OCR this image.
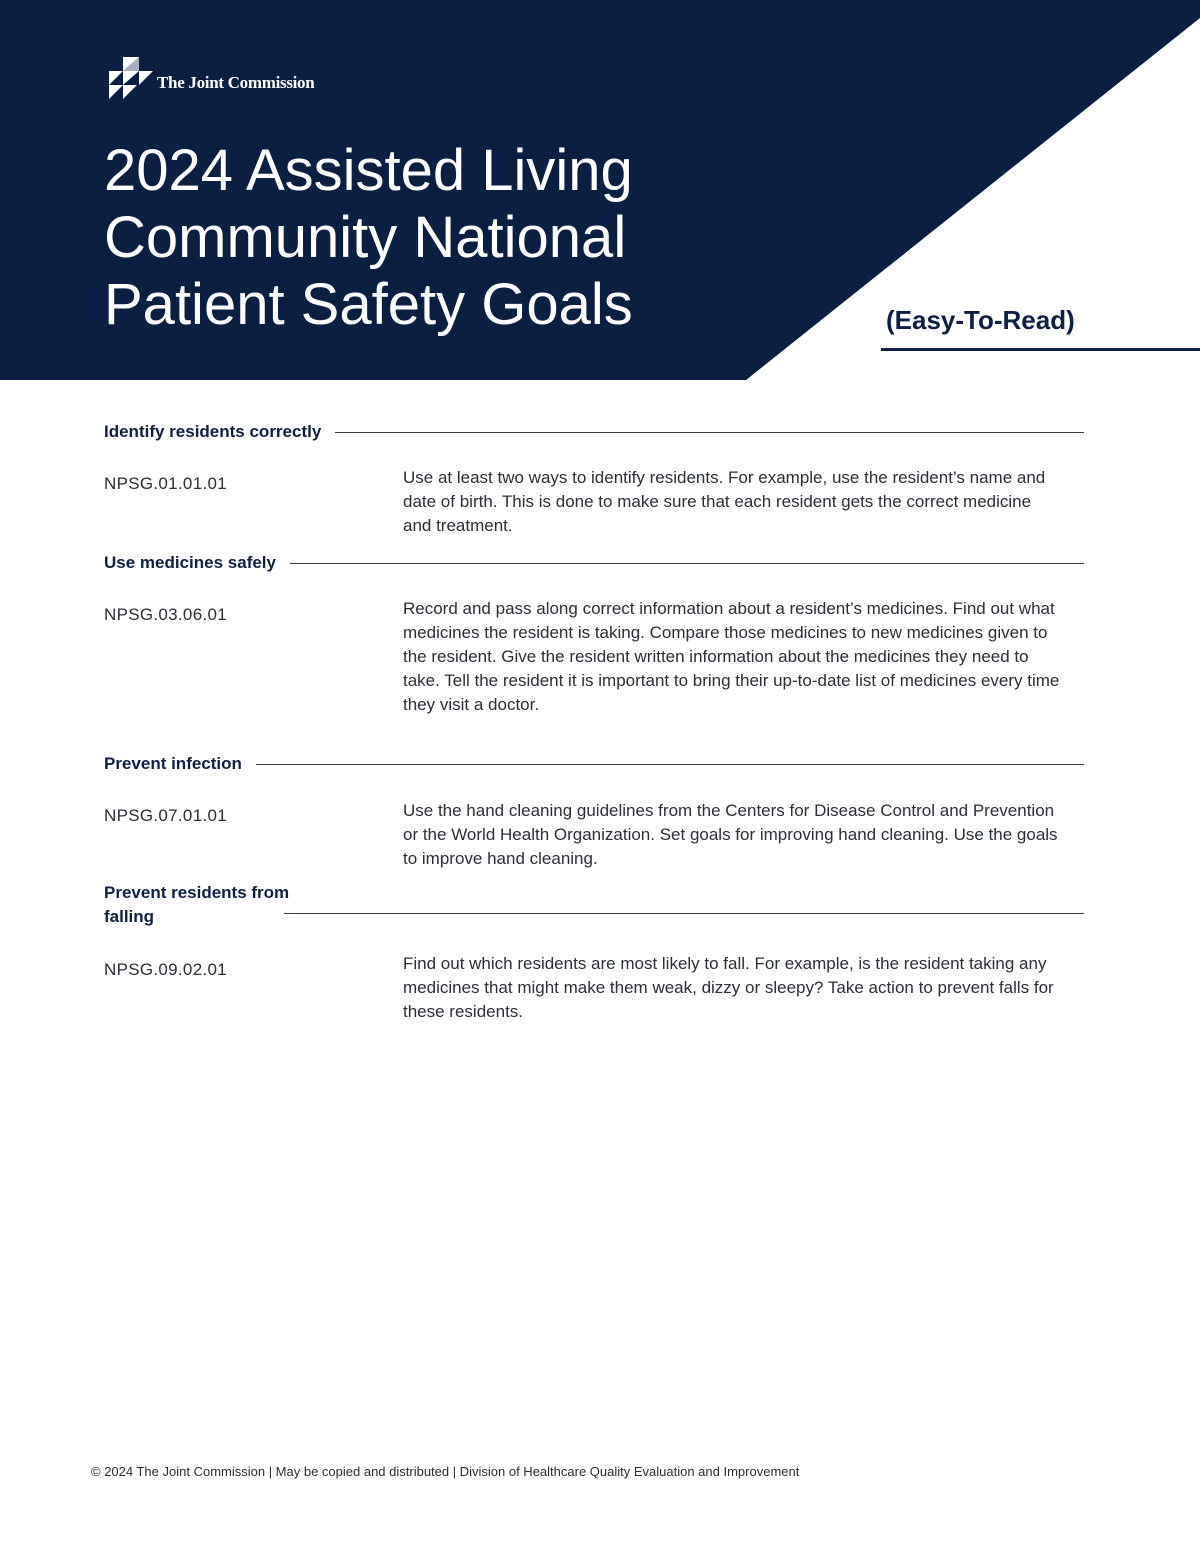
The Joint Commission
2024 Assisted Living
Community National
Patient Safety Goals	(Easy-To-Read)
Identify residents correctly
NPSG.01.01.01	Use at least two ways to identify residents. For example, use the resident’s name and date of birth. This is done to make sure that each resident gets the correct medicine and treatment.

Use medicines safely
NPSG.03.06.01	Record and pass along correct information about a resident’s medicines. Find out what medicines the resident is taking. Compare those medicines to new medicines given to the resident. Give the resident written information about the medicines they need to take. Tell the resident it is important to bring their up-to-date list of medicines every time they visit a doctor.

Prevent infection
NPSG.07.01.01	Use the hand cleaning guidelines from the Centers for Disease Control and Prevention or the World Health Organization. Set goals for improving hand cleaning. Use the goals to improve hand cleaning.

Prevent residents from falling
NPSG.09.02.01	Find out which residents are most likely to fall. For example, is the resident taking any medicines that might make them weak, dizzy or sleepy? Take action to prevent falls for these residents.

© 2024 The Joint Commission | May be copied and distributed | Division of Healthcare Quality Evaluation and Improvement
